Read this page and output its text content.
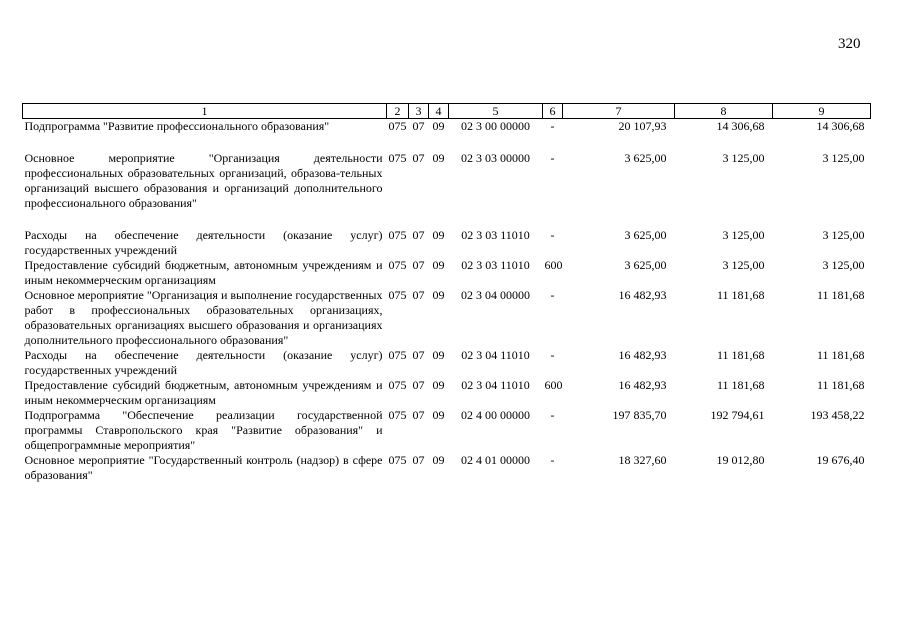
320
1	2	3	4	5	6	7	8	9
Подпрограмма "Развитие профессионального образования"	075	07	09	02 3 00 00000	-	20 107,93	14 306,68	14 306,68

Основное мероприятие "Организация деятельности профессиональных образовательных организаций, образова-тельных организаций высшего образования и организаций дополнительного профессионального образования"	075	07	09	02 3 03 00000	-	3 625,00	3 125,00	3 125,00

Расходы на обеспечение деятельности (оказание услуг) государственных учреждений	075	07	09	02 3 03 11010	-	3 625,00	3 125,00	3 125,00
Предоставление субсидий бюджетным, автономным учреждениям и иным некоммерческим организациям	075	07	09	02 3 03 11010	600	3 625,00	3 125,00	3 125,00
Основное мероприятие "Организация и выполнение государственных работ в профессиональных образовательных организациях, образовательных организациях высшего образования и организациях дополнительного профессионального образования"	075	07	09	02 3 04 00000	-	16 482,93	11 181,68	11 181,68
Расходы на обеспечение деятельности (оказание услуг) государственных учреждений	075	07	09	02 3 04 11010	-	16 482,93	11 181,68	11 181,68
Предоставление субсидий бюджетным, автономным учреждениям и иным некоммерческим организациям	075	07	09	02 3 04 11010	600	16 482,93	11 181,68	11 181,68
Подпрограмма "Обеспечение реализации государственной программы Ставропольского края "Развитие образования" и общепрограммные мероприятия"	075	07	09	02 4 00 00000	-	197 835,70	192 794,61	193 458,22
Основное мероприятие "Государственный контроль (надзор) в сфере образования"	075	07	09	02 4 01 00000	-	18 327,60	19 012,80	19 676,40
